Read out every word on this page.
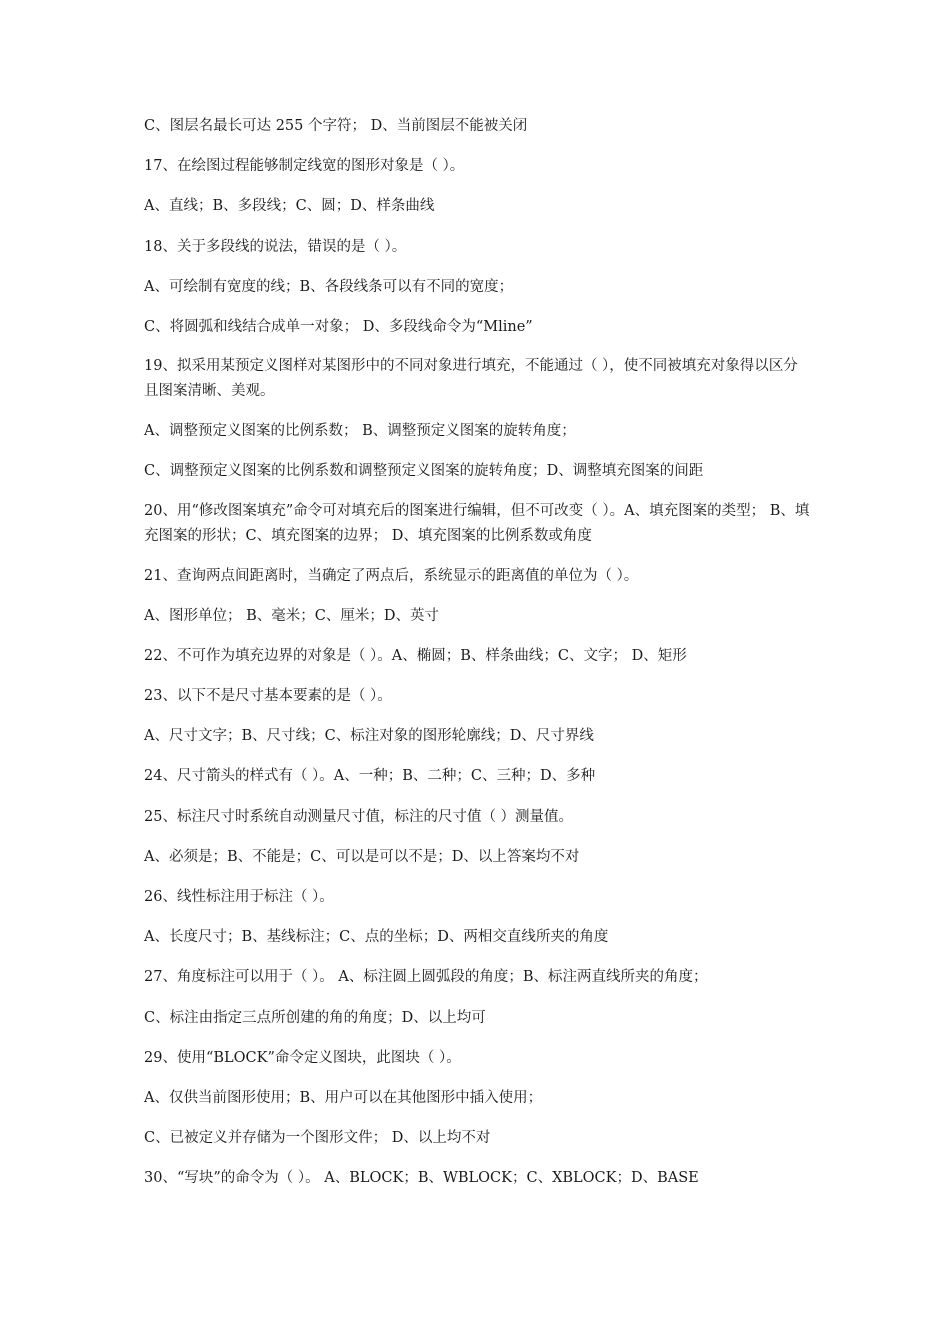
C、图层名最长可达 255 个字符； D、当前图层不能被关闭

17、在绘图过程能够制定线宽的图形对象是（ ）。

A、直线；B、多段线；C、圆；D、样条曲线

18、关于多段线的说法，错误的是（ ）。

A、可绘制有宽度的线；B、各段线条可以有不同的宽度；

C、将圆弧和线结合成单一对象； D、多段线命令为“Mline”

19、拟采用某预定义图样对某图形中的不同对象进行填充，不能通过（ ），使不同被填充对象得以区分且图案清晰、美观。

A、调整预定义图案的比例系数； B、调整预定义图案的旋转角度；

C、调整预定义图案的比例系数和调整预定义图案的旋转角度；D、调整填充图案的间距

20、用“修改图案填充”命令可对填充后的图案进行编辑，但不可改变（ ）。A、填充图案的类型； B、填充图案的形状；C、填充图案的边界； D、填充图案的比例系数或角度

21、查询两点间距离时，当确定了两点后，系统显示的距离值的单位为（ ）。

A、图形单位； B、毫米；C、厘米；D、英寸

22、不可作为填充边界的对象是（ ）。A、椭圆；B、样条曲线；C、文字； D、矩形

23、以下不是尺寸基本要素的是（ ）。

A、尺寸文字；B、尺寸线；C、标注对象的图形轮廓线；D、尺寸界线

24、尺寸箭头的样式有（ ）。A、一种；B、二种；C、三种；D、多种

25、标注尺寸时系统自动测量尺寸值，标注的尺寸值（ ）测量值。

A、必须是；B、不能是；C、可以是可以不是；D、以上答案均不对

26、线性标注用于标注（ ）。

A、长度尺寸；B、基线标注；C、点的坐标；D、两相交直线所夹的角度

27、角度标注可以用于（ ）。 A、标注圆上圆弧段的角度；B、标注两直线所夹的角度；

C、标注由指定三点所创建的角的角度；D、以上均可

29、使用“BLOCK”命令定义图块，此图块（ ）。

A、仅供当前图形使用；B、用户可以在其他图形中插入使用；

C、已被定义并存储为一个图形文件； D、以上均不对

30、“写块”的命令为（ ）。 A、BLOCK；B、WBLOCK；C、XBLOCK；D、BASE
